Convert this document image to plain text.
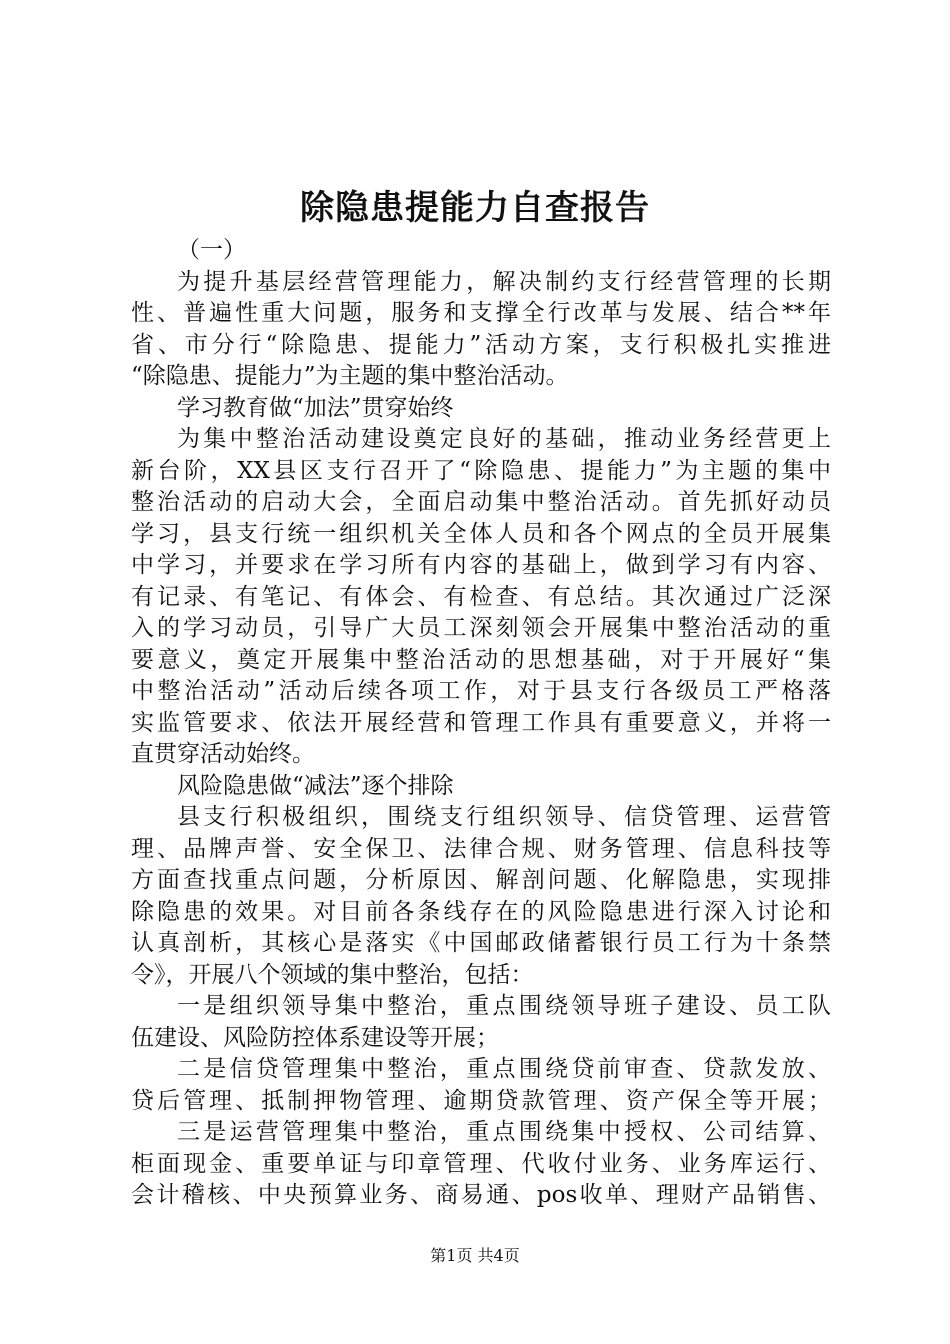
除隐患提能力自查报告
（一）
为提升基层经营管理能力，解决制约支行经营管理的长期
性、普遍性重大问题，服务和支撑全行改革与发展、结合**年
省、市分行“除隐患、提能力”活动方案，支行积极扎实推进
“除隐患、提能力”为主题的集中整治活动。
学习教育做“加法”贯穿始终
为集中整治活动建设奠定良好的基础，推动业务经营更上
新台阶，XX县区支行召开了“除隐患、提能力”为主题的集中
整治活动的启动大会，全面启动集中整治活动。首先抓好动员
学习，县支行统一组织机关全体人员和各个网点的全员开展集
中学习，并要求在学习所有内容的基础上，做到学习有内容、
有记录、有笔记、有体会、有检查、有总结。其次通过广泛深
入的学习动员，引导广大员工深刻领会开展集中整治活动的重
要意义，奠定开展集中整治活动的思想基础，对于开展好“集
中整治活动”活动后续各项工作，对于县支行各级员工严格落
实监管要求、依法开展经营和管理工作具有重要意义，并将一
直贯穿活动始终。
风险隐患做“减法”逐个排除
县支行积极组织，围绕支行组织领导、信贷管理、运营管
理、品牌声誉、安全保卫、法律合规、财务管理、信息科技等
方面查找重点问题，分析原因、解剖问题、化解隐患，实现排
除隐患的效果。对目前各条线存在的风险隐患进行深入讨论和
认真剖析，其核心是落实《中国邮政储蓄银行员工行为十条禁
令》，开展八个领域的集中整治，包括：
一是组织领导集中整治，重点围绕领导班子建设、员工队
伍建设、风险防控体系建设等开展；
二是信贷管理集中整治，重点围绕贷前审查、贷款发放、
贷后管理、抵制押物管理、逾期贷款管理、资产保全等开展；
三是运营管理集中整治，重点围绕集中授权、公司结算、
柜面现金、重要单证与印章管理、代收付业务、业务库运行、
会计稽核、中央预算业务、商易通、pos收单、理财产品销售、
第1页 共4页
